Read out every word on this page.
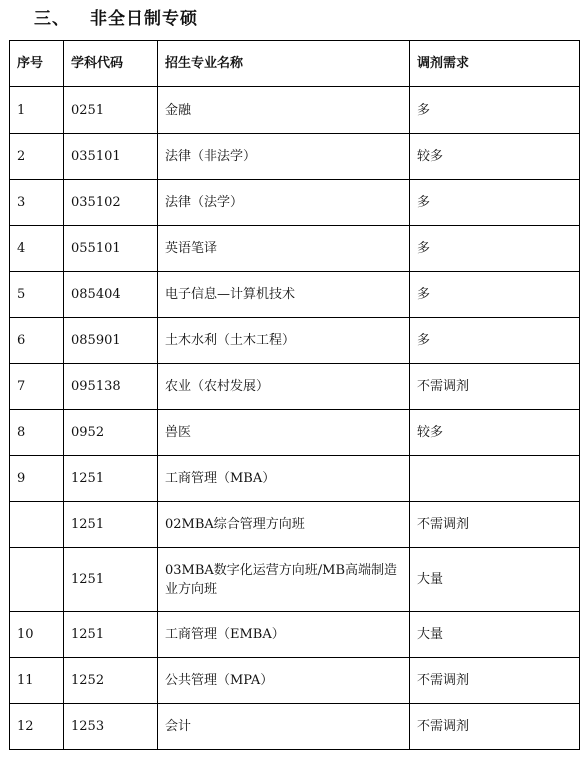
三、 非全日制专硕
序号	学科代码	招生专业名称	调剂需求
1	0251	金融	多
2	035101	法律（非法学）	较多
3	035102	法律（法学）	多
4	055101	英语笔译	多
5	085404	电子信息—计算机技术	多
6	085901	土木水利（土木工程）	多
7	095138	农业（农村发展）	不需调剂
8	0952	兽医	较多
9	1251	工商管理（MBA）	
	1251	02MBA综合管理方向班	不需调剂
	1251	03MBA数字化运营方向班/MB高端制造业方向班	大量
10	1251	工商管理（EMBA）	大量
11	1252	公共管理（MPA）	不需调剂
12	1253	会计	不需调剂
